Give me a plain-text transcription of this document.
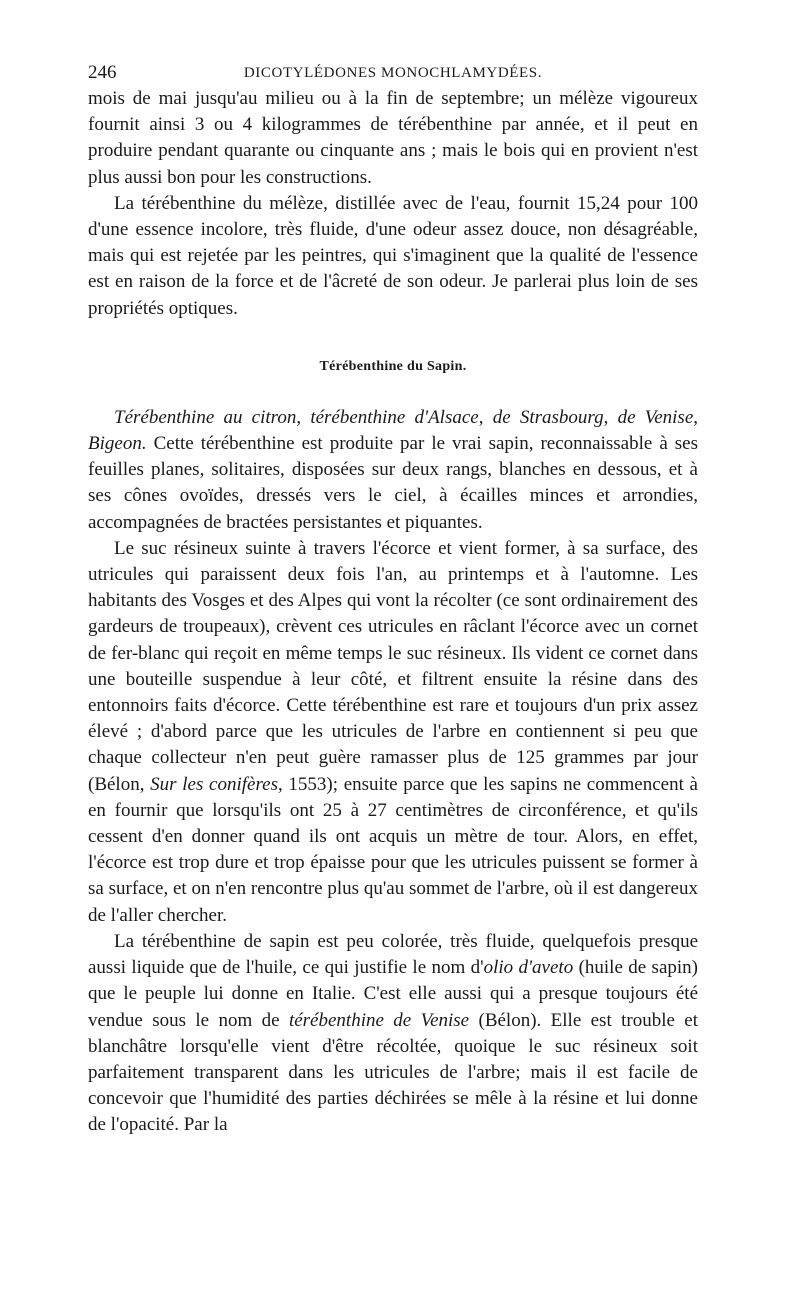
246	DICOTYLÉDONES MONOCHLAMYDÉES.

mois de mai jusqu'au milieu ou à la fin de septembre; un mélèze vigoureux fournit ainsi 3 ou 4 kilogrammes de térébenthine par année, et il peut en produire pendant quarante ou cinquante ans ; mais le bois qui en provient n'est plus aussi bon pour les constructions.

La térébenthine du mélèze, distillée avec de l'eau, fournit 15,24 pour 100 d'une essence incolore, très fluide, d'une odeur assez douce, non désagréable, mais qui est rejetée par les peintres, qui s'imaginent que la qualité de l'essence est en raison de la force et de l'âcreté de son odeur. Je parlerai plus loin de ses propriétés optiques.

Térébenthine du Sapin.

Térébenthine au citron, térébenthine d'Alsace, de Strasbourg, de Venise, Bigeon. Cette térébenthine est produite par le vrai sapin, reconnaissable à ses feuilles planes, solitaires, disposées sur deux rangs, blanches en dessous, et à ses cônes ovoïdes, dressés vers le ciel, à écailles minces et arrondies, accompagnées de bractées persistantes et piquantes.

Le suc résineux suinte à travers l'écorce et vient former, à sa surface, des utricules qui paraissent deux fois l'an, au printemps et à l'automne. Les habitants des Vosges et des Alpes qui vont la récolter (ce sont ordinairement des gardeurs de troupeaux), crèvent ces utricules en râclant l'écorce avec un cornet de fer-blanc qui reçoit en même temps le suc résineux. Ils vident ce cornet dans une bouteille suspendue à leur côté, et filtrent ensuite la résine dans des entonnoirs faits d'écorce. Cette térébenthine est rare et toujours d'un prix assez élevé ; d'abord parce que les utricules de l'arbre en contiennent si peu que chaque collecteur n'en peut guère ramasser plus de 125 grammes par jour (Bélon, Sur les conifères, 1553); ensuite parce que les sapins ne commencent à en fournir que lorsqu'ils ont 25 à 27 centimètres de circonférence, et qu'ils cessent d'en donner quand ils ont acquis un mètre de tour. Alors, en effet, l'écorce est trop dure et trop épaisse pour que les utricules puissent se former à sa surface, et on n'en rencontre plus qu'au sommet de l'arbre, où il est dangereux de l'aller chercher.

La térébenthine de sapin est peu colorée, très fluide, quelquefois presque aussi liquide que de l'huile, ce qui justifie le nom d'olio d'aveto (huile de sapin) que le peuple lui donne en Italie. C'est elle aussi qui a presque toujours été vendue sous le nom de térébenthine de Venise (Bélon). Elle est trouble et blanchâtre lorsqu'elle vient d'être récoltée, quoique le suc résineux soit parfaitement transparent dans les utricules de l'arbre; mais il est facile de concevoir que l'humidité des parties déchirées se mêle à la résine et lui donne de l'opacité. Par la
